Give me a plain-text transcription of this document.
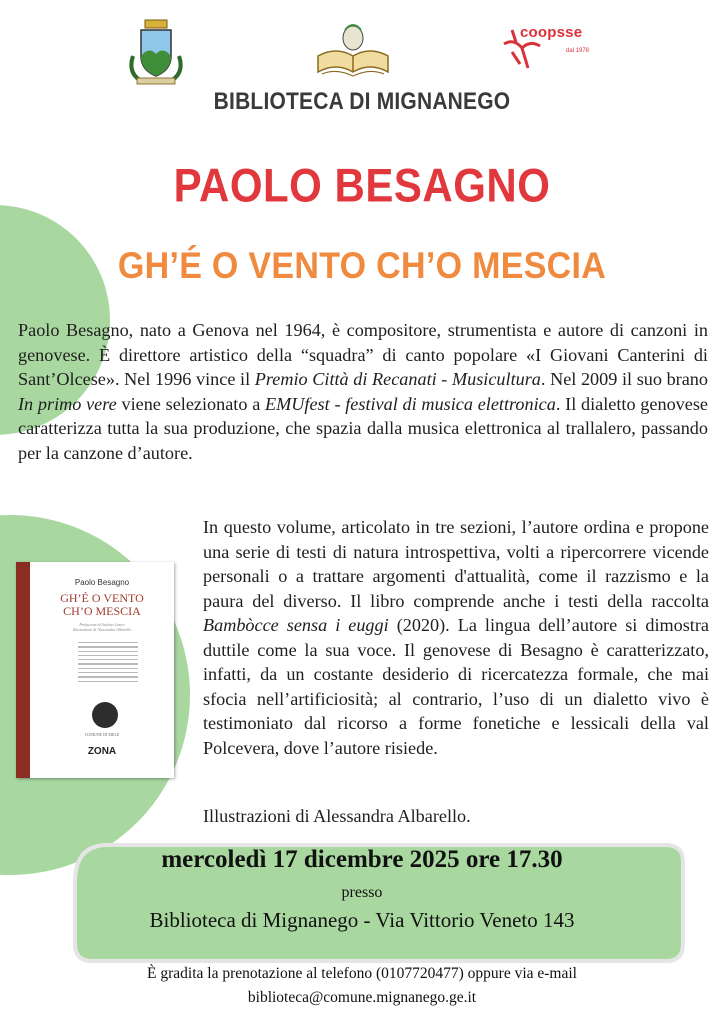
coopsse
dal 1978
BIBLIOTECA DI MIGNANEGO
PAOLO BESAGNO
GH’É O VENTO CH’O MESCIA
Paolo Besagno, nato a Genova nel 1964, è compositore, strumentista e autore di canzoni in genovese. È direttore artistico della “squadra” di canto popolare «I Giovani Canterini di Sant’Olcese». Nel 1996 vince il Premio Città di Recanati - Musicultura. Nel 2009 il suo brano In primo vere viene selezionato a EMUfest - festival di musica elettronica. Il dialetto genovese caratterizza tutta la sua produzione, che spazia dalla musica elettronica al trallalero, passando per la canzone d’autore.
Paolo Besagno
GH’É O VENTO
CH’O MESCIA
Prefazione di Stefano Lusito
Illustrazioni di Alessandra Albarello
COMUNE DI MELE
ZONA
In questo volume, articolato in tre sezioni, l’autore ordina e propone una serie di testi di natura introspettiva, volti a ripercorrere vicende personali o a trattare argomenti d'attualità, come il razzismo e la paura del diverso. Il libro comprende anche i testi della raccolta Bambòcce sensa i euggi (2020). La lingua dell’autore si dimostra duttile come la sua voce. Il genovese di Besagno è caratterizzato, infatti, da un costante desiderio di ricercatezza formale, che mai sfocia nell’artificiosità; al contrario, l’uso di un dialetto vivo è testimoniato dal ricorso a forme fonetiche e lessicali della val Polcevera, dove l’autore risiede.
Illustrazioni di Alessandra Albarello.
mercoledì 17 dicembre 2025 ore 17.30
presso
Biblioteca di Mignanego - Via Vittorio Veneto 143
È gradita la prenotazione al telefono (0107720477) oppure via e-mail
biblioteca@comune.mignanego.ge.it
